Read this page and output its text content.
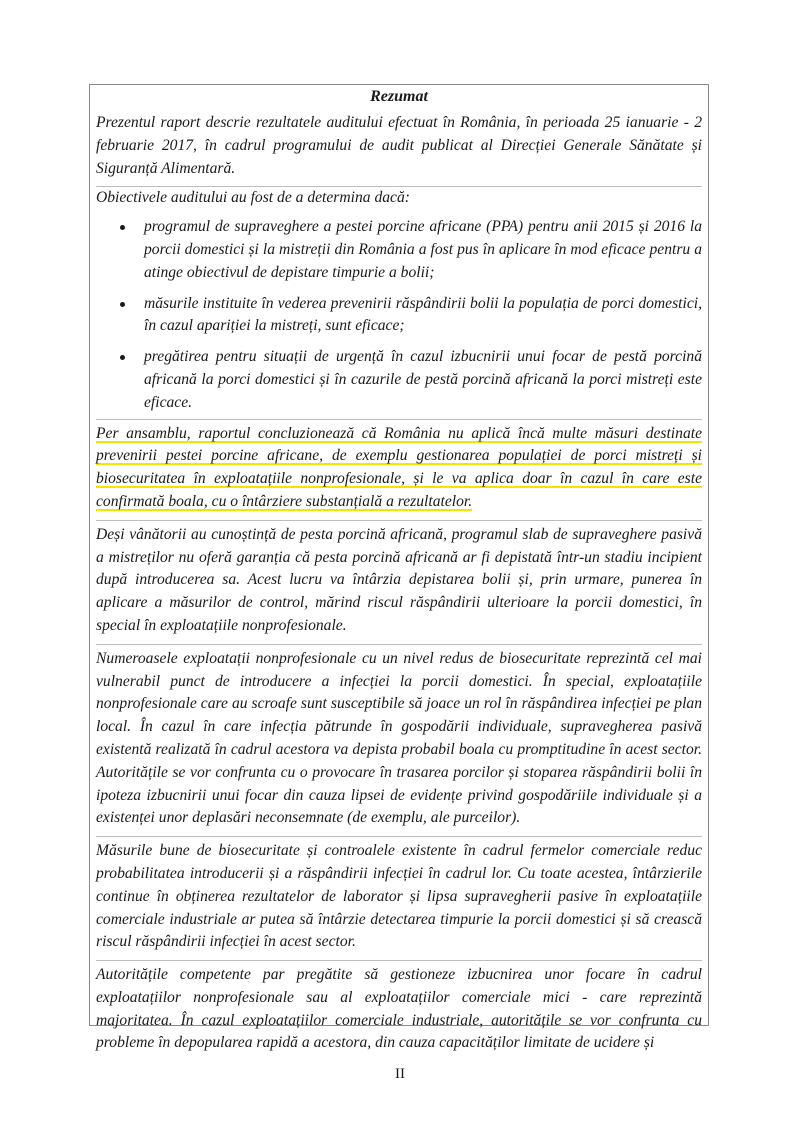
Rezumat

Prezentul raport descrie rezultatele auditului efectuat în România, în perioada 25 ianuarie - 2 februarie 2017, în cadrul programului de audit publicat al Direcției Generale Sănătate și Siguranță Alimentară.

Obiectivele auditului au fost de a determina dacă:

programul de supraveghere a pestei porcine africane (PPA) pentru anii 2015 și 2016 la porcii domestici și la mistreții din România a fost pus în aplicare în mod eficace pentru a atinge obiectivul de depistare timpurie a bolii;

măsurile instituite în vederea prevenirii răspândirii bolii la populația de porci domestici, în cazul apariției la mistreți, sunt eficace;

pregătirea pentru situații de urgență în cazul izbucnirii unui focar de pestă porcină africană la porci domestici și în cazurile de pestă porcină africană la porci mistreți este eficace.

Per ansamblu, raportul concluzionează că România nu aplică încă multe măsuri destinate prevenirii pestei porcine africane, de exemplu gestionarea populației de porci mistreți și biosecuritatea în exploatațiile nonprofesionale, și le va aplica doar în cazul în care este confirmată boala, cu o întârziere substanțială a rezultatelor.

Deși vânătorii au cunoștință de pesta porcină africană, programul slab de supraveghere pasivă a mistreților nu oferă garanția că pesta porcină africană ar fi depistată într-un stadiu incipient după introducerea sa. Acest lucru va întârzia depistarea bolii și, prin urmare, punerea în aplicare a măsurilor de control, mărind riscul răspândirii ulterioare la porcii domestici, în special în exploatațiile nonprofesionale.

Numeroasele exploatații nonprofesionale cu un nivel redus de biosecuritate reprezintă cel mai vulnerabil punct de introducere a infecției la porcii domestici. În special, exploatațiile nonprofesionale care au scroafe sunt susceptibile să joace un rol în răspândirea infecției pe plan local. În cazul în care infecția pătrunde în gospodării individuale, supravegherea pasivă existentă realizată în cadrul acestora va depista probabil boala cu promptitudine în acest sector. Autoritățile se vor confrunta cu o provocare în trasarea porcilor și stoparea răspândirii bolii în ipoteza izbucnirii unui focar din cauza lipsei de evidențe privind gospodăriile individuale și a existenței unor deplasări neconsemnate (de exemplu, ale purceilor).

Măsurile bune de biosecuritate și controalele existente în cadrul fermelor comerciale reduc probabilitatea introducerii și a răspândirii infecției în cadrul lor. Cu toate acestea, întârzierile continue în obținerea rezultatelor de laborator și lipsa supravegherii pasive în exploatațiile comerciale industriale ar putea să întârzie detectarea timpurie la porcii domestici și să crească riscul răspândirii infecției în acest sector.

Autoritățile competente par pregătite să gestioneze izbucnirea unor focare în cadrul exploatațiilor nonprofesionale sau al exploatațiilor comerciale mici - care reprezintă majoritatea. În cazul exploatațiilor comerciale industriale, autoritățile se vor confrunta cu probleme în depopularea rapidă a acestora, din cauza capacităților limitate de ucidere și

II
